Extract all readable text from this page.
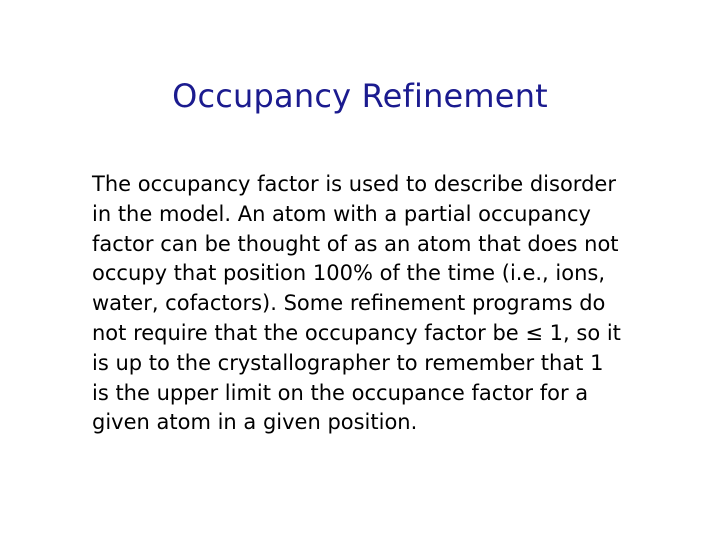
Occupancy Refinement
The occupancy factor is used to describe disorder
in the model. An atom with a partial occupancy
factor can be thought of as an atom that does not
occupy that position 100% of the time (i.e., ions,
water, cofactors). Some refinement programs do
not require that the occupancy factor be ≤ 1, so it
is up to the crystallographer to remember that 1
is the upper limit on the occupance factor for a
given atom in a given position.
